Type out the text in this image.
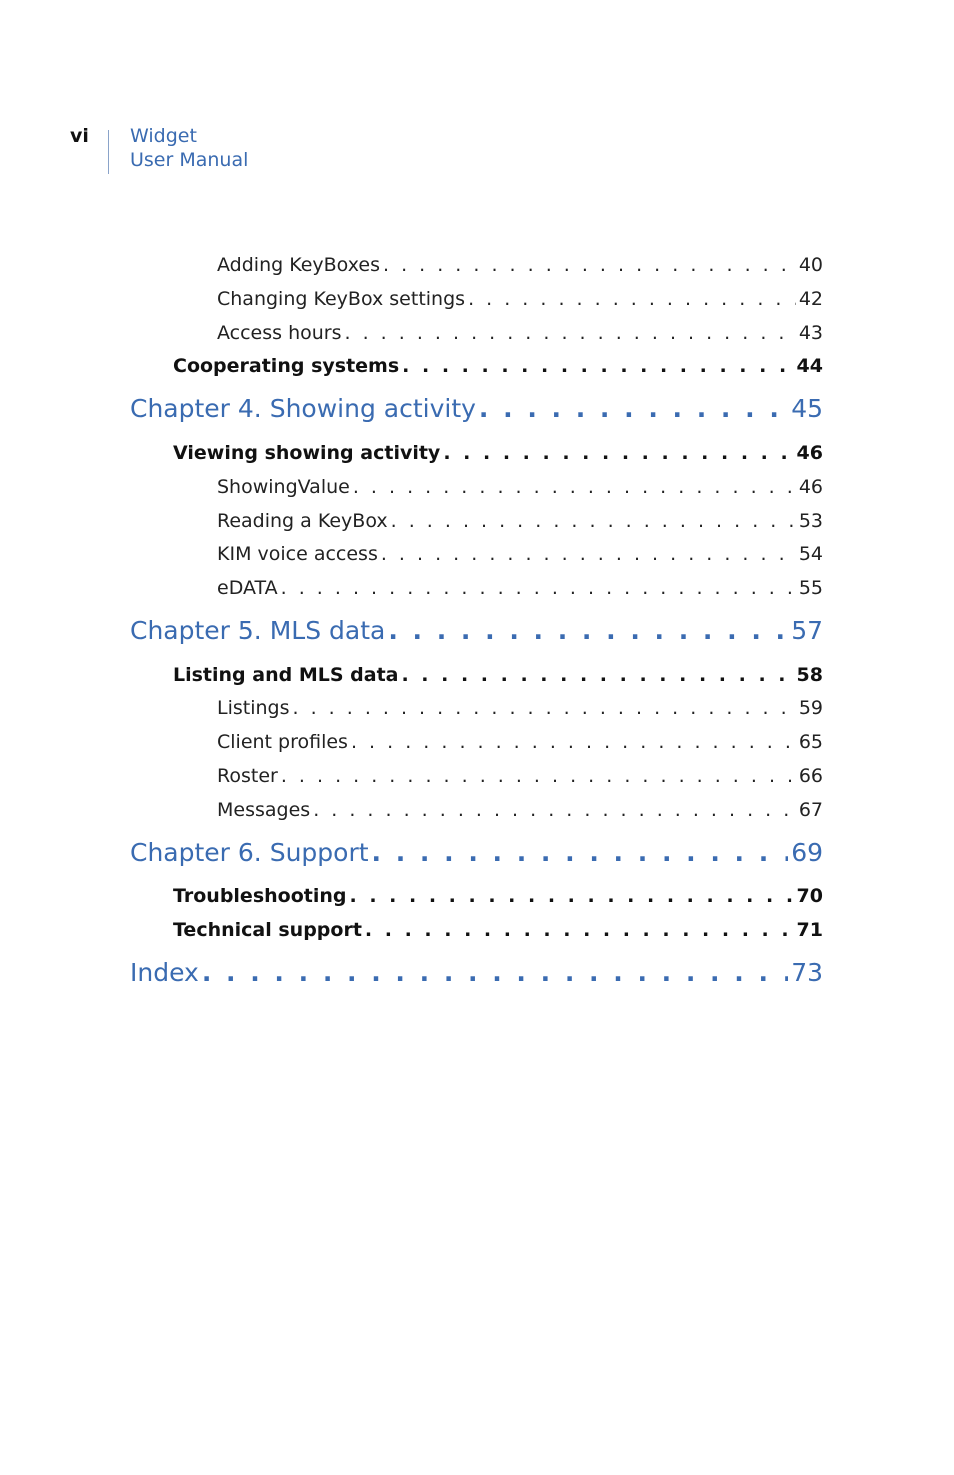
vi Widget
User Manual
Adding KeyBoxes . . .	40
Changing KeyBox settings . . .	42
Access hours . . .	43
Cooperating systems . . .	44
Chapter 4. Showing activity . . .	45
Viewing showing activity . . .	46
ShowingValue . . .	46
Reading a KeyBox . . .	53
KIM voice access . . .	54
eDATA . . .	55
Chapter 5. MLS data . . .	57
Listing and MLS data . . .	58
Listings . . .	59
Client profiles . . .	65
Roster . . .	66
Messages . . .	67
Chapter 6. Support . . .	69
Troubleshooting . . .	70
Technical support . . .	71
Index . . .	73
